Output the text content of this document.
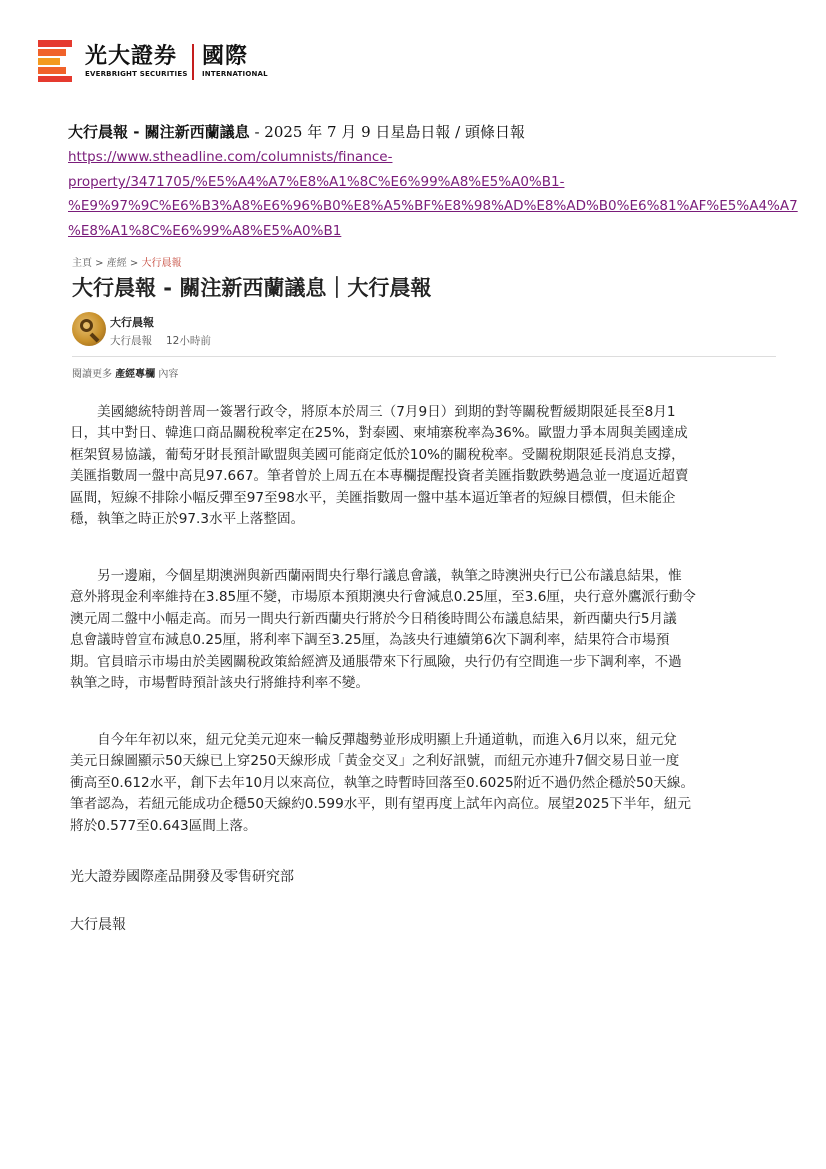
光大證券 國際
EVERBRIGHT SECURITIES INTERNATIONAL
大行晨報 - 關注新西蘭議息 - 2025 年 7 月 9 日星島日報 / 頭條日報
https://www.stheadline.com/columnists/finance-
property/3471705/%E5%A4%A7%E8%A1%8C%E6%99%A8%E5%A0%B1-
%E9%97%9C%E6%B3%A8%E6%96%B0%E8%A5%BF%E8%98%AD%E8%AD%B0%E6%81%AF%E5%A4%A7
%E8%A1%8C%E6%99%A8%E5%A0%B1
主頁 > 產經 > 大行晨報
大行晨報 - 關注新西蘭議息｜大行晨報
大行晨報
大行晨報 12小時前
閱讀更多 產經專欄 內容
　　美國總統特朗普周一簽署行政令，將原本於周三（7月9日）到期的對等關稅暫緩期限延長至8月1
日，其中對日、韓進口商品關稅稅率定在25%，對泰國、柬埔寨稅率為36%。歐盟力爭本周與美國達成
框架貿易協議，葡萄牙財長預計歐盟與美國可能商定低於10%的關稅稅率。受關稅期限延長消息支撐，
美匯指數周一盤中高見97.667。筆者曾於上周五在本專欄提醒投資者美匯指數跌勢過急並一度逼近超賣
區間，短線不排除小幅反彈至97至98水平，美匯指數周一盤中基本逼近筆者的短線目標價，但未能企
穩，執筆之時正於97.3水平上落整固。
　　另一邊廂，今個星期澳洲與新西蘭兩間央行舉行議息會議，執筆之時澳洲央行已公布議息結果，惟
意外將現金利率維持在3.85厘不變，市場原本預期澳央行會減息0.25厘，至3.6厘，央行意外鷹派行動令
澳元周二盤中小幅走高。而另一間央行新西蘭央行將於今日稍後時間公布議息結果，新西蘭央行5月議
息會議時曾宣布減息0.25厘，將利率下調至3.25厘，為該央行連續第6次下調利率，結果符合市場預
期。官員暗示市場由於美國關稅政策給經濟及通脹帶來下行風險，央行仍有空間進一步下調利率，不過
執筆之時，市場暫時預計該央行將維持利率不變。
　　自今年年初以來，紐元兌美元迎來一輪反彈趨勢並形成明顯上升通道軌，而進入6月以來，紐元兌
美元日線圖顯示50天線已上穿250天線形成「黃金交叉」之利好訊號，而紐元亦連升7個交易日並一度
衝高至0.612水平，創下去年10月以來高位，執筆之時暫時回落至0.6025附近不過仍然企穩於50天線。
筆者認為，若紐元能成功企穩50天線約0.599水平，則有望再度上試年內高位。展望2025下半年，紐元
將於0.577至0.643區間上落。
光大證券國際產品開發及零售研究部
大行晨報
